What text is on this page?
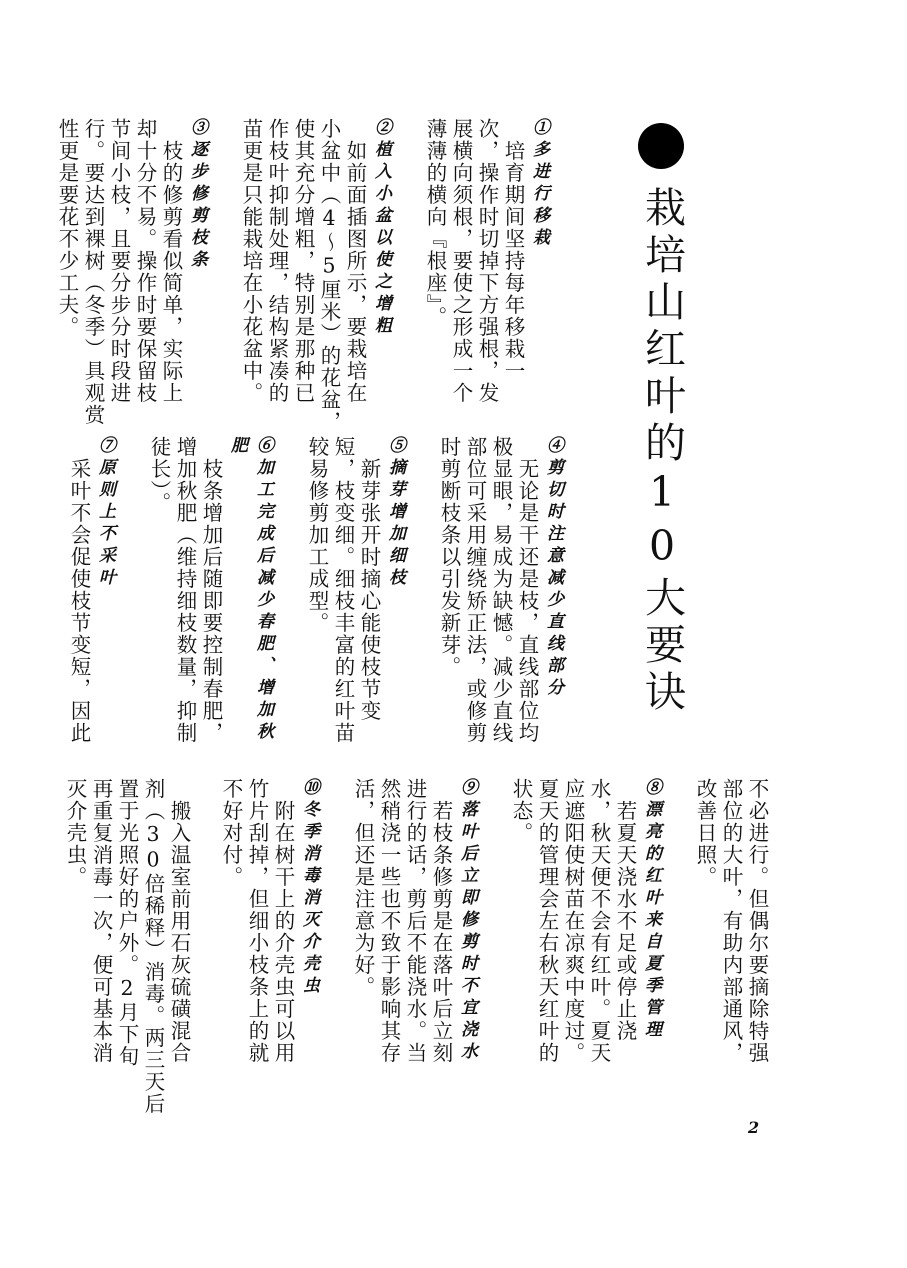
栽培山红叶的10大要诀
①多进行移栽
　培育期间坚持每年移栽一
次，操作时切掉下方强根，发
展横向须根，要使之形成一个
薄薄的横向『根座』。
②植入小盆以使之增粗
　如前面插图所示，要栽培在
小盆中（4～5厘米）的花盆，
使其充分增粗，特别是那种已
作枝叶抑制处理，结构紧凑的
苗更是只能栽培在小花盆中。
③逐步修剪枝条
　枝的修剪看似简单，实际上
却十分不易。操作时要保留枝
节间小枝，且要分步分时段进
行。要达到裸树（冬季）具观赏
性更是要花不少工夫。
④剪切时注意减少直线部分
　无论是干还是枝，直线部位均
极显眼，易成为缺憾。减少直线
部位可采用缠绕矫正法，或修剪
时剪断枝条以引发新芽。
⑤摘芽增加细枝
　新芽张开时摘心能使枝节变
短，枝变细。细枝丰富的红叶苗
较易修剪加工成型。
⑥加工完成后减少春肥、增加秋
肥
　枝条增加后随即要控制春肥，
增加秋肥（维持细枝数量，抑制
徒长）。
⑦原则上不采叶
　采叶不会促使枝节变短，因此
不必进行。但偶尔要摘除特强
部位的大叶，有助内部通风，
改善日照。
⑧漂亮的红叶来自夏季管理
　若夏天浇水不足或停止浇
水，秋天便不会有红叶。夏天
应遮阳使树苗在凉爽中度过。
夏天的管理会左右秋天红叶的
状态。
⑨落叶后立即修剪时不宜浇水
　若枝条修剪是在落叶后立刻
进行的话，剪后不能浇水。当
然稍浇一些也不致于影响其存
活，但还是注意为好。
⑩冬季消毒消灭介壳虫
　附在树干上的介壳虫可以用
竹片刮掉，但细小枝条上的就
不好对付。
　搬入温室前用石灰硫磺混合
剂（30倍稀释）消毒。两三天后
置于光照好的户外。2月下旬
再重复消毒一次，便可基本消
灭介壳虫。
2
